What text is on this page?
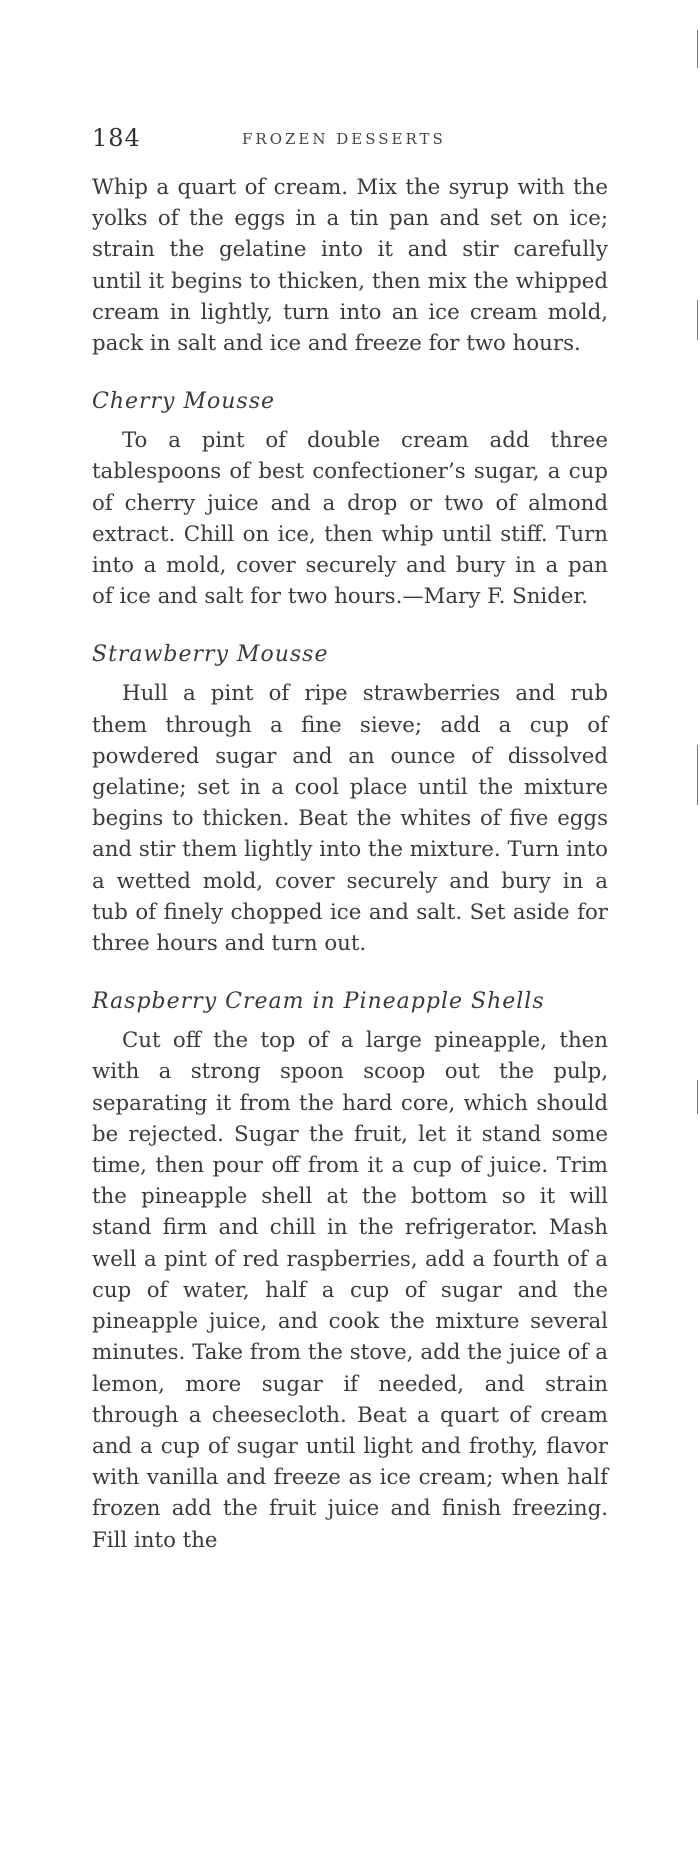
184	FROZEN DESSERTS

Whip a quart of cream. Mix the syrup with the yolks of the eggs in a tin pan and set on ice; strain the gelatine into it and stir carefully until it begins to thicken, then mix the whipped cream in lightly, turn into an ice cream mold, pack in salt and ice and freeze for two hours.

Cherry Mousse

To a pint of double cream add three tablespoons of best confectioner’s sugar, a cup of cherry juice and a drop or two of almond extract. Chill on ice, then whip until stiff. Turn into a mold, cover securely and bury in a pan of ice and salt for two hours.—Mary F. Snider.

Strawberry Mousse

Hull a pint of ripe strawberries and rub them through a fine sieve; add a cup of powdered sugar and an ounce of dissolved gelatine; set in a cool place until the mixture begins to thicken. Beat the whites of five eggs and stir them lightly into the mixture. Turn into a wetted mold, cover securely and bury in a tub of finely chopped ice and salt. Set aside for three hours and turn out.

Raspberry Cream in Pineapple Shells

Cut off the top of a large pineapple, then with a strong spoon scoop out the pulp, separating it from the hard core, which should be rejected. Sugar the fruit, let it stand some time, then pour off from it a cup of juice. Trim the pineapple shell at the bottom so it will stand firm and chill in the refrigerator. Mash well a pint of red raspberries, add a fourth of a cup of water, half a cup of sugar and the pineapple juice, and cook the mixture several minutes. Take from the stove, add the juice of a lemon, more sugar if needed, and strain through a cheesecloth. Beat a quart of cream and a cup of sugar until light and frothy, flavor with vanilla and freeze as ice cream; when half frozen add the fruit juice and finish freezing. Fill into the
